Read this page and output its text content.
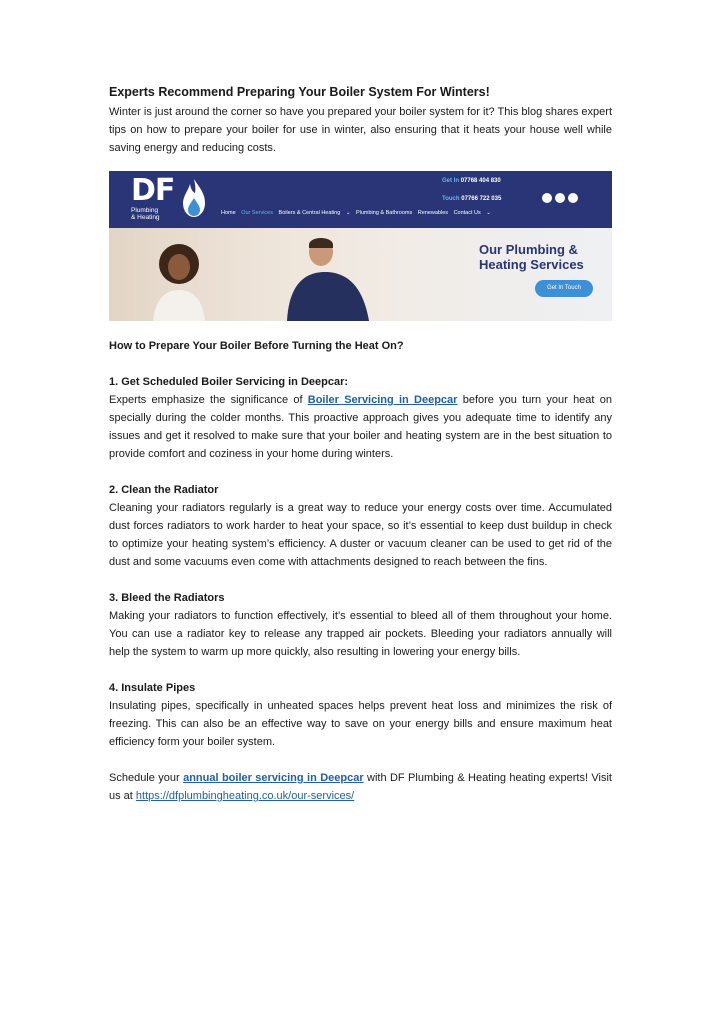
Experts Recommend Preparing Your Boiler System For Winters!

Winter is just around the corner so have you prepared your boiler system for it? This blog shares expert tips on how to prepare your boiler for use in winter, also ensuring that it heats your house well while saving energy and reducing costs.

DF
Plumbing
& Heating
Home Our Services Boilers & Central Heating ⌄ Plumbing & Bathrooms Renewables Contact Us ⌄
Get In 07768 404 830
Touch 07766 722 035
Our Plumbing & Heating Services
Get In Touch
How to Prepare Your Boiler Before Turning the Heat On?

1. Get Scheduled Boiler Servicing in Deepcar:

Experts emphasize the significance of Boiler Servicing in Deepcar before you turn your heat on specially during the colder months. This proactive approach gives you adequate time to identify any issues and get it resolved to make sure that your boiler and heating system are in the best situation to provide comfort and coziness in your home during winters.

2. Clean the Radiator

Cleaning your radiators regularly is a great way to reduce your energy costs over time. Accumulated dust forces radiators to work harder to heat your space, so it’s essential to keep dust buildup in check to optimize your heating system’s efficiency. A duster or vacuum cleaner can be used to get rid of the dust and some vacuums even come with attachments designed to reach between the fins.

3. Bleed the Radiators

Making your radiators to function effectively, it’s essential to bleed all of them throughout your home. You can use a radiator key to release any trapped air pockets. Bleeding your radiators annually will help the system to warm up more quickly, also resulting in lowering your energy bills.

4. Insulate Pipes

Insulating pipes, specifically in unheated spaces helps prevent heat loss and minimizes the risk of freezing. This can also be an effective way to save on your energy bills and ensure maximum heat efficiency form your boiler system.

Schedule your annual boiler servicing in Deepcar with DF Plumbing & Heating heating experts! Visit us at https://dfplumbingheating.co.uk/our-services/
